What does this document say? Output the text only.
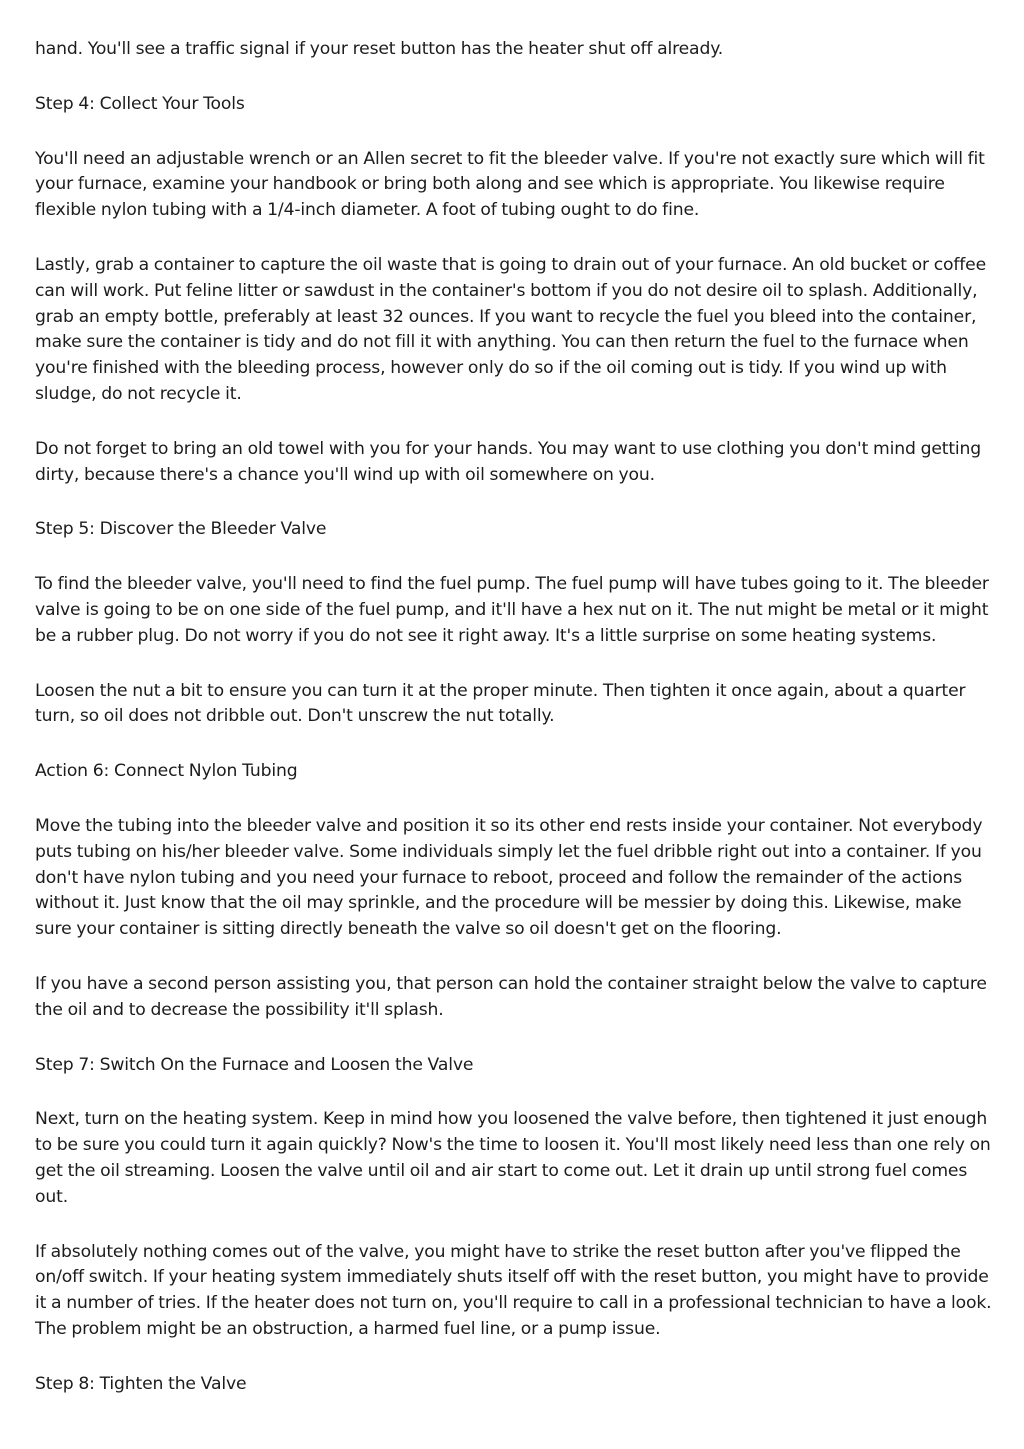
hand. You'll see a traffic signal if your reset button has the heater shut off already.

Step 4: Collect Your Tools

You'll need an adjustable wrench or an Allen secret to fit the bleeder valve. If you're not exactly sure which will fit your furnace, examine your handbook or bring both along and see which is appropriate. You likewise require flexible nylon tubing with a 1/4-inch diameter. A foot of tubing ought to do fine.

Lastly, grab a container to capture the oil waste that is going to drain out of your furnace. An old bucket or coffee can will work. Put feline litter or sawdust in the container's bottom if you do not desire oil to splash. Additionally, grab an empty bottle, preferably at least 32 ounces. If you want to recycle the fuel you bleed into the container, make sure the container is tidy and do not fill it with anything. You can then return the fuel to the furnace when you're finished with the bleeding process, however only do so if the oil coming out is tidy. If you wind up with sludge, do not recycle it.

Do not forget to bring an old towel with you for your hands. You may want to use clothing you don't mind getting dirty, because there's a chance you'll wind up with oil somewhere on you.

Step 5: Discover the Bleeder Valve

To find the bleeder valve, you'll need to find the fuel pump. The fuel pump will have tubes going to it. The bleeder valve is going to be on one side of the fuel pump, and it'll have a hex nut on it. The nut might be metal or it might be a rubber plug. Do not worry if you do not see it right away. It's a little surprise on some heating systems.

Loosen the nut a bit to ensure you can turn it at the proper minute. Then tighten it once again, about a quarter turn, so oil does not dribble out. Don't unscrew the nut totally.

Action 6: Connect Nylon Tubing

Move the tubing into the bleeder valve and position it so its other end rests inside your container. Not everybody puts tubing on his/her bleeder valve. Some individuals simply let the fuel dribble right out into a container. If you don't have nylon tubing and you need your furnace to reboot, proceed and follow the remainder of the actions without it. Just know that the oil may sprinkle, and the procedure will be messier by doing this. Likewise, make sure your container is sitting directly beneath the valve so oil doesn't get on the flooring.

If you have a second person assisting you, that person can hold the container straight below the valve to capture the oil and to decrease the possibility it'll splash.

Step 7: Switch On the Furnace and Loosen the Valve

Next, turn on the heating system. Keep in mind how you loosened the valve before, then tightened it just enough to be sure you could turn it again quickly? Now's the time to loosen it. You'll most likely need less than one rely on get the oil streaming. Loosen the valve until oil and air start to come out. Let it drain up until strong fuel comes out.

If absolutely nothing comes out of the valve, you might have to strike the reset button after you've flipped the on/off switch. If your heating system immediately shuts itself off with the reset button, you might have to provide it a number of tries. If the heater does not turn on, you'll require to call in a professional technician to have a look. The problem might be an obstruction, a harmed fuel line, or a pump issue.

Step 8: Tighten the Valve
